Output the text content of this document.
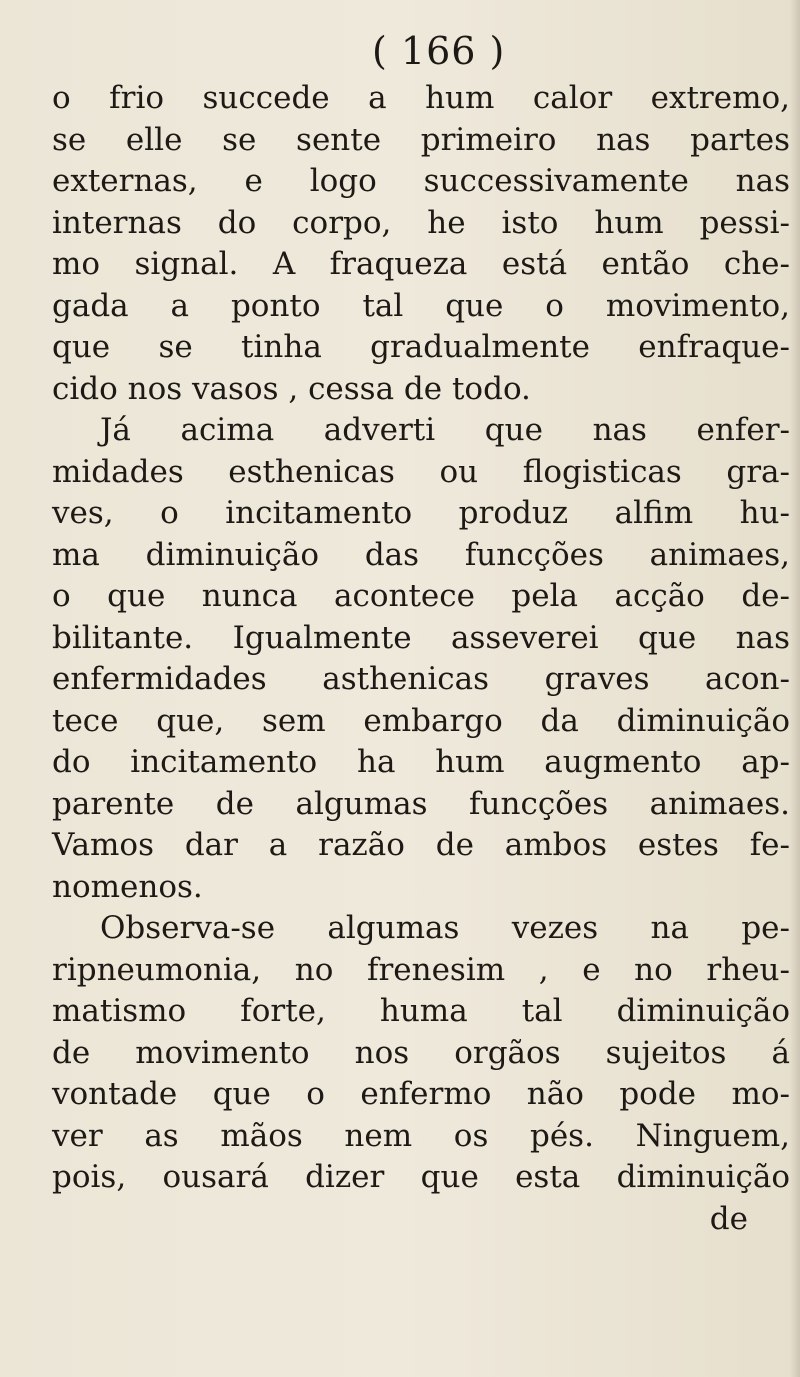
( 166 )
o frio succede a hum calor extremo,
se elle se sente primeiro nas partes
externas, e logo successivamente nas
internas do corpo, he isto hum pessi-
mo signal. A fraqueza está então che-
gada a ponto tal que o movimento,
que se tinha gradualmente enfraque-
cido nos vasos , cessa de todo.
Já acima adverti que nas enfer-
midades esthenicas ou flogisticas gra-
ves, o incitamento produz alfim hu-
ma diminuição das funcções animaes,
o que nunca acontece pela acção de-
bilitante. Igualmente asseverei que nas
enfermidades asthenicas graves acon-
tece que, sem embargo da diminuição
do incitamento ha hum augmento ap-
parente de algumas funcções animaes.
Vamos dar a razão de ambos estes fe-
nomenos.
Observa-se algumas vezes na pe-
ripneumonia, no frenesim , e no rheu-
matismo forte, huma tal diminuição
de movimento nos orgãos sujeitos á
vontade que o enfermo não pode mo-
ver as mãos nem os pés. Ninguem,
pois, ousará dizer que esta diminuição
de
